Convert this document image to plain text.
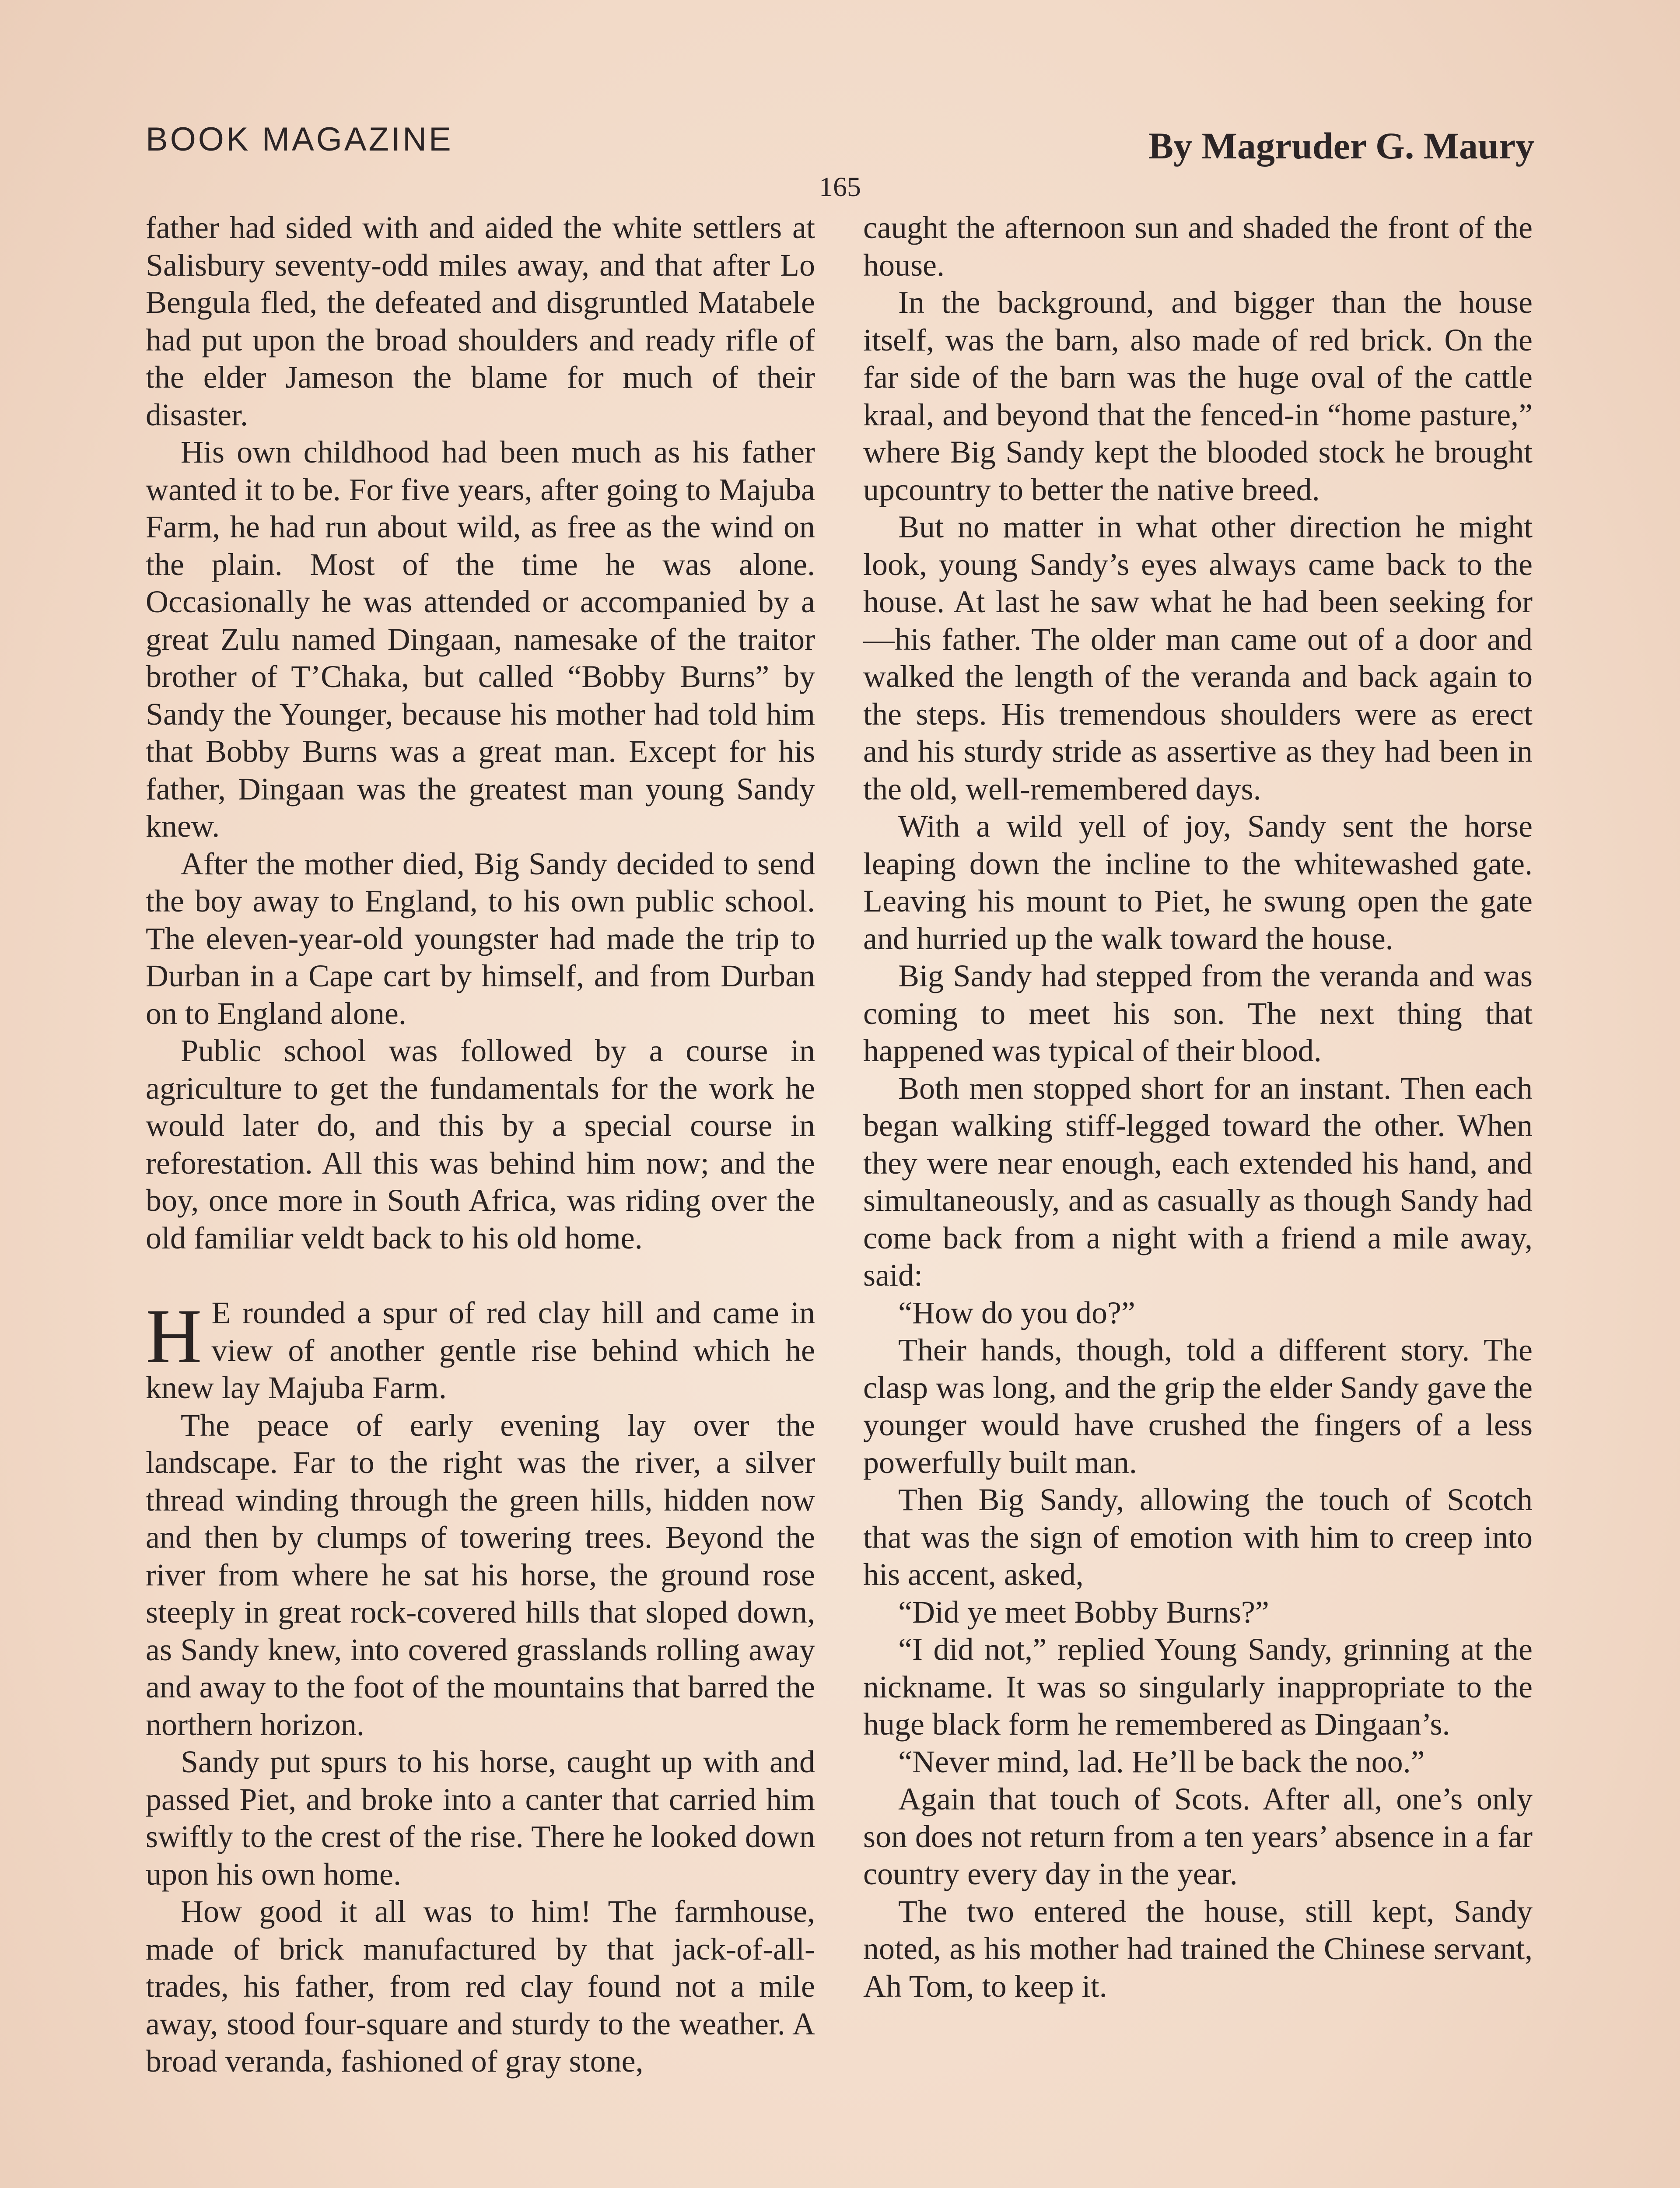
BOOK MAGAZINE	By Magruder G. Maury
165

father had sided with and aided the white settlers at Salisbury seventy-odd miles away, and that after Lo Bengula fled, the defeated and disgruntled Matabele had put upon the broad shoulders and ready rifle of the elder Jameson the blame for much of their disaster.

His own childhood had been much as his father wanted it to be. For five years, after going to Majuba Farm, he had run about wild, as free as the wind on the plain. Most of the time he was alone. Occasionally he was attended or accompanied by a great Zulu named Dingaan, namesake of the traitor brother of T’Chaka, but called “Bobby Burns” by Sandy the Younger, because his mother had told him that Bobby Burns was a great man. Except for his father, Dingaan was the greatest man young Sandy knew.

After the mother died, Big Sandy decided to send the boy away to England, to his own public school. The eleven-year-old youngster had made the trip to Durban in a Cape cart by himself, and from Durban on to England alone.

Public school was followed by a course in agriculture to get the fundamentals for the work he would later do, and this by a special course in reforestation. All this was behind him now; and the boy, once more in South Africa, was riding over the old familiar veldt back to his old home.

H E rounded a spur of red clay hill and came in view of another gentle rise behind which he knew lay Majuba Farm.

The peace of early evening lay over the landscape. Far to the right was the river, a silver thread winding through the green hills, hidden now and then by clumps of towering trees. Beyond the river from where he sat his horse, the ground rose steeply in great rock-covered hills that sloped down, as Sandy knew, into covered grasslands rolling away and away to the foot of the mountains that barred the northern horizon.

Sandy put spurs to his horse, caught up with and passed Piet, and broke into a canter that carried him swiftly to the crest of the rise. There he looked down upon his own home.

How good it all was to him! The farmhouse, made of brick manufactured by that jack-of-all-trades, his father, from red clay found not a mile away, stood four-square and sturdy to the weather. A broad veranda, fashioned of gray stone,

caught the afternoon sun and shaded the front of the house.

In the background, and bigger than the house itself, was the barn, also made of red brick. On the far side of the barn was the huge oval of the cattle kraal, and beyond that the fenced-in “home pasture,” where Big Sandy kept the blooded stock he brought upcountry to better the native breed.

But no matter in what other direction he might look, young Sandy’s eyes always came back to the house. At last he saw what he had been seeking for—his father. The older man came out of a door and walked the length of the veranda and back again to the steps. His tremendous shoulders were as erect and his sturdy stride as assertive as they had been in the old, well-remembered days.

With a wild yell of joy, Sandy sent the horse leaping down the incline to the whitewashed gate. Leaving his mount to Piet, he swung open the gate and hurried up the walk toward the house.

Big Sandy had stepped from the veranda and was coming to meet his son. The next thing that happened was typical of their blood.

Both men stopped short for an instant. Then each began walking stiff-legged toward the other. When they were near enough, each extended his hand, and simultaneously, and as casually as though Sandy had come back from a night with a friend a mile away, said:

“How do you do?”

Their hands, though, told a different story. The clasp was long, and the grip the elder Sandy gave the younger would have crushed the fingers of a less powerfully built man.

Then Big Sandy, allowing the touch of Scotch that was the sign of emotion with him to creep into his accent, asked,

“Did ye meet Bobby Burns?”

“I did not,” replied Young Sandy, grinning at the nickname. It was so singularly inappropriate to the huge black form he remembered as Dingaan’s.

“Never mind, lad. He’ll be back the noo.”

Again that touch of Scots. After all, one’s only son does not return from a ten years’ absence in a far country every day in the year.

The two entered the house, still kept, Sandy noted, as his mother had trained the Chinese servant, Ah Tom, to keep it.
